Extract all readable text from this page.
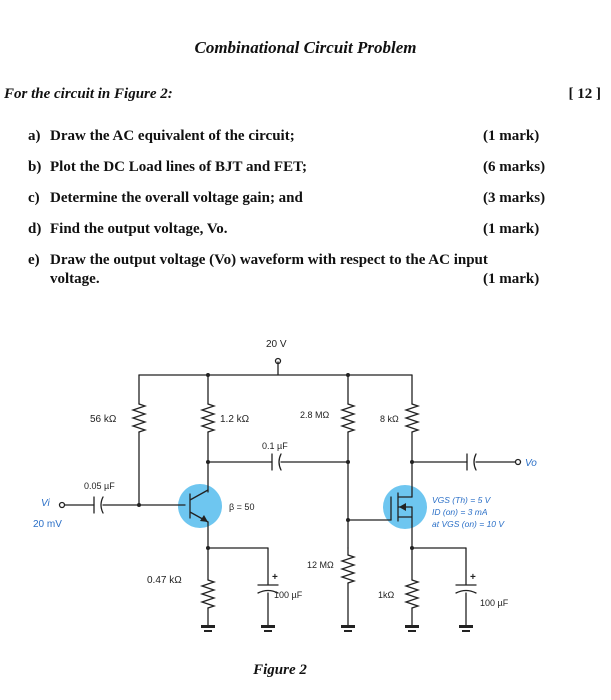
Combinational Circuit Problem
For the circuit in Figure 2:	[ 12 ]
a) Draw the AC equivalent of the circuit;	(1 mark)
b) Plot the DC Load lines of BJT and FET;	(6 marks)
c) Determine the overall voltage gain; and	(3 marks)
d) Find the output voltage, Vo.	(1 mark)
e) Draw the output voltage (Vo) waveform with respect to the AC input
voltage.	(1 mark)
20 V
56 kΩ	1.2 kΩ	2.8 MΩ	8 kΩ
0.1 µF
0.05 µF
Vi
20 mV
β = 50
12 MΩ
0.47 kΩ
1kΩ
100 µF
100 µF
+	+
Vo
VGS (Th) = 5 V
ID (on) = 3 mA
at VGS (on) = 10 V
Figure 2
